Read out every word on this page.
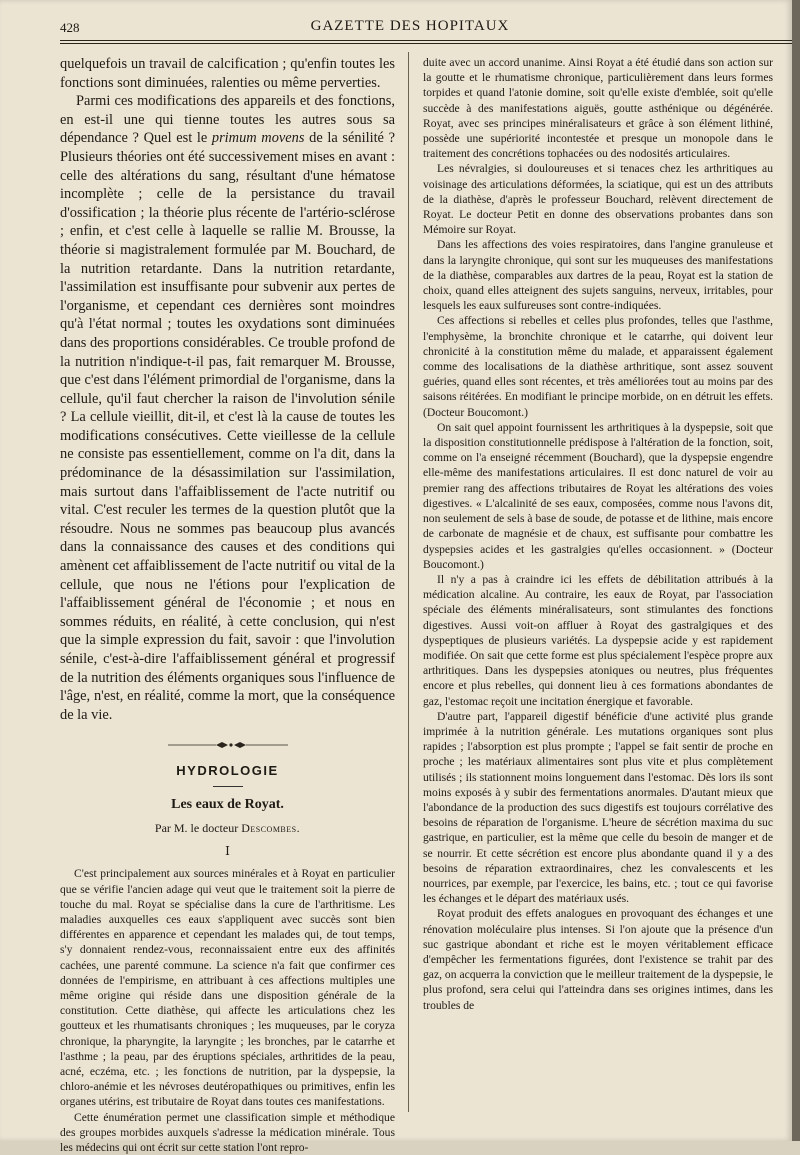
428	GAZETTE DES HOPITAUX

quelquefois un travail de calcification ; qu'enfin toutes les fonctions sont diminuées, ralenties ou même perverties.

Parmi ces modifications des appareils et des fonctions, en est-il une qui tienne toutes les autres sous sa dépendance ? Quel est le primum movens de la sénilité ? Plusieurs théories ont été successivement mises en avant : celle des altérations du sang, résultant d'une hématose incomplète ; celle de la persistance du travail d'ossification ; la théorie plus récente de l'artério-sclérose ; enfin, et c'est celle à laquelle se rallie M. Brousse, la théorie si magistralement formulée par M. Bouchard, de la nutrition retardante. Dans la nutrition retardante, l'assimilation est insuffisante pour subvenir aux pertes de l'organisme, et cependant ces dernières sont moindres qu'à l'état normal ; toutes les oxydations sont diminuées dans des proportions considérables. Ce trouble profond de la nutrition n'indique-t-il pas, fait remarquer M. Brousse, que c'est dans l'élément primordial de l'organisme, dans la cellule, qu'il faut chercher la raison de l'involution sénile ? La cellule vieillit, dit-il, et c'est là la cause de toutes les modifications consécutives. Cette vieillesse de la cellule ne consiste pas essentiellement, comme on l'a dit, dans la prédominance de la désassimilation sur l'assimilation, mais surtout dans l'affaiblissement de l'acte nutritif ou vital. C'est reculer les termes de la question plutôt que la résoudre. Nous ne sommes pas beaucoup plus avancés dans la connaissance des causes et des conditions qui amènent cet affaiblissement de l'acte nutritif ou vital de la cellule, que nous ne l'étions pour l'explication de l'affaiblissement général de l'économie ; et nous en sommes réduits, en réalité, à cette conclusion, qui n'est que la simple expression du fait, savoir : que l'involution sénile, c'est-à-dire l'affaiblissement général et progressif de la nutrition des éléments organiques sous l'influence de l'âge, n'est, en réalité, comme la mort, que la conséquence de la vie.

HYDROLOGIE
Les eaux de Royat.
Par M. le docteur Descombes.
I

C'est principalement aux sources minérales et à Royat en particulier que se vérifie l'ancien adage qui veut que le traitement soit la pierre de touche du mal. Royat se spécialise dans la cure de l'arthritisme. Les maladies auxquelles ces eaux s'appliquent avec succès sont bien différentes en apparence et cependant les malades qui, de tout temps, s'y donnaient rendez-vous, reconnaissaient entre eux des affinités cachées, une parenté commune. La science n'a fait que confirmer ces données de l'empirisme, en attribuant à ces affections multiples une même origine qui réside dans une disposition générale de la constitution. Cette diathèse, qui affecte les articulations chez les goutteux et les rhumatisants chroniques ; les muqueuses, par le coryza chronique, la pharyngite, la laryngite ; les bronches, par le catarrhe et l'asthme ; la peau, par des éruptions spéciales, arthritides de la peau, acné, eczéma, etc. ; les fonctions de nutrition, par la dyspepsie, la chloro-anémie et les névroses deutéropathiques ou primitives, enfin les organes utérins, est tributaire de Royat dans toutes ces manifestations.

Cette énumération permet une classification simple et méthodique des groupes morbides auxquels s'adresse la médication minérale. Tous les médecins qui ont écrit sur cette station l'ont repro-

duite avec un accord unanime. Ainsi Royat a été étudié dans son action sur la goutte et le rhumatisme chronique, particulièrement dans leurs formes torpides et quand l'atonie domine, soit qu'elle existe d'emblée, soit qu'elle succède à des manifestations aiguës, goutte asthénique ou dégénérée. Royat, avec ses principes minéralisateurs et grâce à son élément lithiné, possède une supériorité incontestée et presque un monopole dans le traitement des concrétions tophacées ou des nodosités articulaires.

Les névralgies, si douloureuses et si tenaces chez les arthritiques au voisinage des articulations déformées, la sciatique, qui est un des attributs de la diathèse, d'après le professeur Bouchard, relèvent directement de Royat. Le docteur Petit en donne des observations probantes dans son Mémoire sur Royat.

Dans les affections des voies respiratoires, dans l'angine granuleuse et dans la laryngite chronique, qui sont sur les muqueuses des manifestations de la diathèse, comparables aux dartres de la peau, Royat est la station de choix, quand elles atteignent des sujets sanguins, nerveux, irritables, pour lesquels les eaux sulfureuses sont contre-indiquées.

Ces affections si rebelles et celles plus profondes, telles que l'asthme, l'emphysème, la bronchite chronique et le catarrhe, qui doivent leur chronicité à la constitution même du malade, et apparaissent également comme des localisations de la diathèse arthritique, sont assez souvent guéries, quand elles sont récentes, et très améliorées tout au moins par des saisons réitérées. En modifiant le principe morbide, on en détruit les effets. (Docteur Boucomont.)

On sait quel appoint fournissent les arthritiques à la dyspepsie, soit que la disposition constitutionnelle prédispose à l'altération de la fonction, soit, comme on l'a enseigné récemment (Bouchard), que la dyspepsie engendre elle-même des manifestations articulaires. Il est donc naturel de voir au premier rang des affections tributaires de Royat les altérations des voies digestives. « L'alcalinité de ses eaux, composées, comme nous l'avons dit, non seulement de sels à base de soude, de potasse et de lithine, mais encore de carbonate de magnésie et de chaux, est suffisante pour combattre les dyspepsies acides et les gastralgies qu'elles occasionnent. » (Docteur Boucomont.)

Il n'y a pas à craindre ici les effets de débilitation attribués à la médication alcaline. Au contraire, les eaux de Royat, par l'association spéciale des éléments minéralisateurs, sont stimulantes des fonctions digestives. Aussi voit-on affluer à Royat des gastralgiques et des dyspeptiques de plusieurs variétés. La dyspepsie acide y est rapidement modifiée. On sait que cette forme est plus spécialement l'espèce propre aux arthritiques. Dans les dyspepsies atoniques ou neutres, plus fréquentes encore et plus rebelles, qui donnent lieu à ces formations abondantes de gaz, l'estomac reçoit une incitation énergique et favorable.

D'autre part, l'appareil digestif bénéficie d'une activité plus grande imprimée à la nutrition générale. Les mutations organiques sont plus rapides ; l'absorption est plus prompte ; l'appel se fait sentir de proche en proche ; les matériaux alimentaires sont plus vite et plus complètement utilisés ; ils stationnent moins longuement dans l'estomac. Dès lors ils sont moins exposés à y subir des fermentations anormales. D'autant mieux que l'abondance de la production des sucs digestifs est toujours corrélative des besoins de réparation de l'organisme. L'heure de sécrétion maxima du suc gastrique, en particulier, est la même que celle du besoin de manger et de se nourrir. Et cette sécrétion est encore plus abondante quand il y a des besoins de réparation extraordinaires, chez les convalescents et les nourrices, par exemple, par l'exercice, les bains, etc. ; tout ce qui favorise les échanges et le départ des matériaux usés.

Royat produit des effets analogues en provoquant des échanges et une rénovation moléculaire plus intenses. Si l'on ajoute que la présence d'un suc gastrique abondant et riche est le moyen véritablement efficace d'empêcher les fermentations figurées, dont l'existence se trahit par des gaz, on acquerra la conviction que le meilleur traitement de la dyspepsie, le plus profond, sera celui qui l'atteindra dans ses origines intimes, dans les troubles de
